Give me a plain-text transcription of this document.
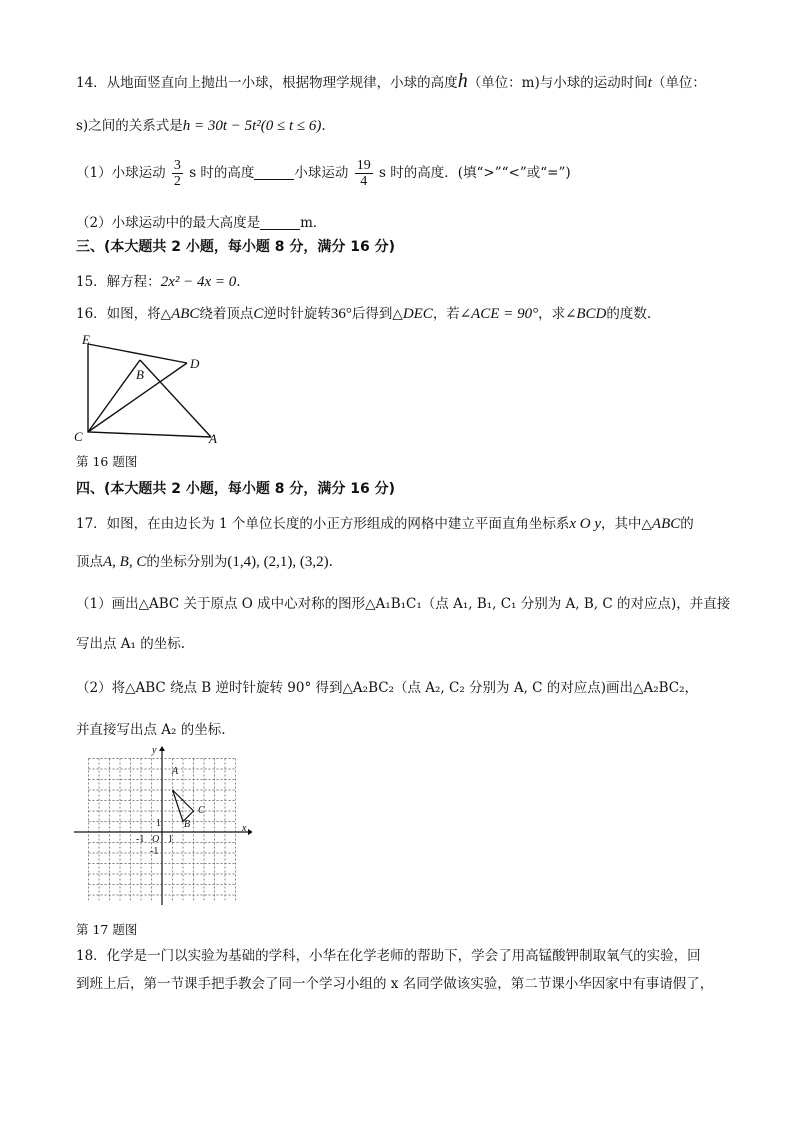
14．从地面竖直向上抛出一小球，根据物理学规律，小球的高度h（单位：m)与小球的运动时间t（单位：
s)之间的关系式是h = 30t − 5t²(0 ≤ t ≤ 6).
（1）小球运动 $\frac{3}{2}$ s 时的高度	小球运动 $\frac{19}{4}$ s 时的高度．(填“>”“<”或“=”)
（2）小球运动中的最大高度是	m．
三、(本大题共 2 小题，每小题 8 分，满分 16 分)
15．解方程：2x² − 4x = 0.
16．如图，将△ABC绕着顶点C逆时针旋转36°后得到△DEC，若∠ACE = 90°，求∠BCD的度数.
E
D
B
C	A
第 16 题图
四、(本大题共 2 小题，每小题 8 分，满分 16 分)
17．如图，在由边长为 1 个单位长度的小正方形组成的网格中建立平面直角坐标系x O y，其中△ABC的
顶点A, B, C的坐标分别为(1,4), (2,1), (3,2).
（1）画出△ABC 关于原点 O 成中心对称的图形△A₁B₁C₁（点 A₁, B₁, C₁ 分别为 A, B, C 的对应点)，并直接
写出点 A₁ 的坐标.
（2）将△ABC 绕点 B 逆时针旋转 90° 得到△A₂BC₂（点 A₂, C₂ 分别为 A, C 的对应点)画出△A₂BC₂，
并直接写出点 A₂ 的坐标.
x
y
O 1
-1
1
-1
A
B
C
第 17 题图
18．化学是一门以实验为基础的学科，小华在化学老师的帮助下，学会了用高锰酸钾制取氧气的实验，回
到班上后，第一节课手把手教会了同一个学习小组的 x 名同学做该实验，第二节课小华因家中有事请假了，
